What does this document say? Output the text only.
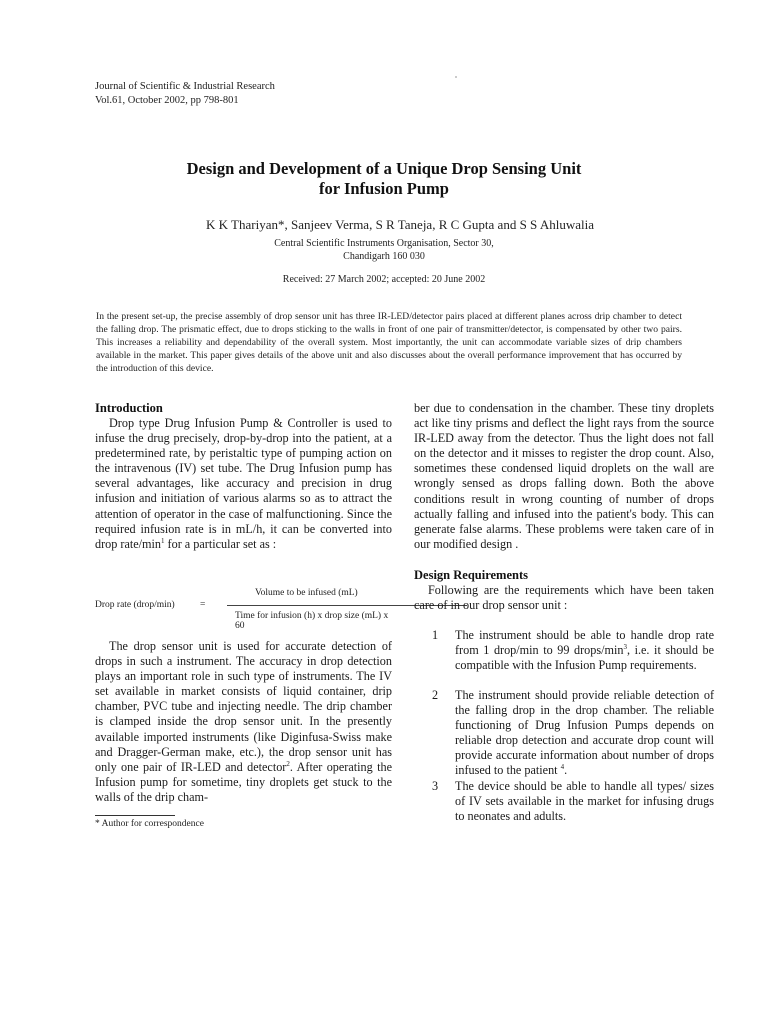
Journal of Scientific & Industrial Research
Vol.61, October 2002, pp 798-801
Design and Development of a Unique Drop Sensing Unit
for Infusion Pump
K K Thariyan*, Sanjeev Verma, S R Taneja, R C Gupta and S S Ahluwalia
Central Scientific Instruments Organisation, Sector 30,
Chandigarh 160 030
Received: 27 March 2002; accepted: 20 June 2002
In the present set-up, the precise assembly of drop sensor unit has three IR-LED/detector pairs placed at different planes across drip chamber to detect the falling drop. The prismatic effect, due to drops sticking to the walls in front of one pair of transmitter/detector, is compensated by other two pairs. This increases a reliability and dependability of the overall system. Most importantly, the unit can accommodate variable sizes of drip chambers available in the market. This paper gives details of the above unit and also discusses about the overall performance improvement that has occurred by the introduction of this device.
Introduction
Drop type Drug Infusion Pump & Controller is used to infuse the drug precisely, drop-by-drop into the patient, at a predetermined rate, by peristaltic type of pumping action on the intravenous (IV) set tube. The Drug Infusion pump has several advantages, like accuracy and precision in drug infusion and initiation of various alarms so as to attract the attention of operator in the case of malfunctioning. Since the required infusion rate is in mL/h, it can be converted into drop rate/$\min^1$ for a particular set as :
Drop rate (drop/min)	=
Volume to be infused (mL)
Time for infusion (h) x drop size (mL) x 60
The drop sensor unit is used for accurate detection of drops in such a instrument. The accuracy in drop detection plays an important role in such type of instruments. The IV set available in market consists of liquid container, drip chamber, PVC tube and injecting needle. The drip chamber is clamped inside the drop sensor unit. In the presently available imported instruments (like Diginfusa-Swiss make and Dragger-German make, etc.), the drop sensor unit has only one pair of IR-LED and detector$^2$. After operating the Infusion pump for sometime, tiny droplets get stuck to the walls of the drip cham-
* Author for correspondence
ber due to condensation in the chamber. These tiny droplets act like tiny prisms and deflect the light rays from the source IR-LED away from the detector. Thus the light does not fall on the detector and it misses to register the drop count. Also, sometimes these condensed liquid droplets on the wall are wrongly sensed as drops falling down. Both the above conditions result in wrong counting of number of drops actually falling and infused into the patient's body. This can generate false alarms. These problems were taken care of in our modified design .
Design Requirements
Following are the requirements which have been taken care of in our drop sensor unit :
1 The instrument should be able to handle drop rate from 1 drop/min to 99 drops/$\min^3$, i.e. it should be compatible with the Infusion Pump requirements.
2 The instrument should provide reliable detection of the falling drop in the drop chamber. The reliable functioning of Drug Infusion Pumps depends on reliable drop detection and accurate drop count will provide accurate information about number of drops infused to the patient $^4$.
3 The device should be able to handle all types/ sizes of IV sets available in the market for infusing drugs to neonates and adults.
